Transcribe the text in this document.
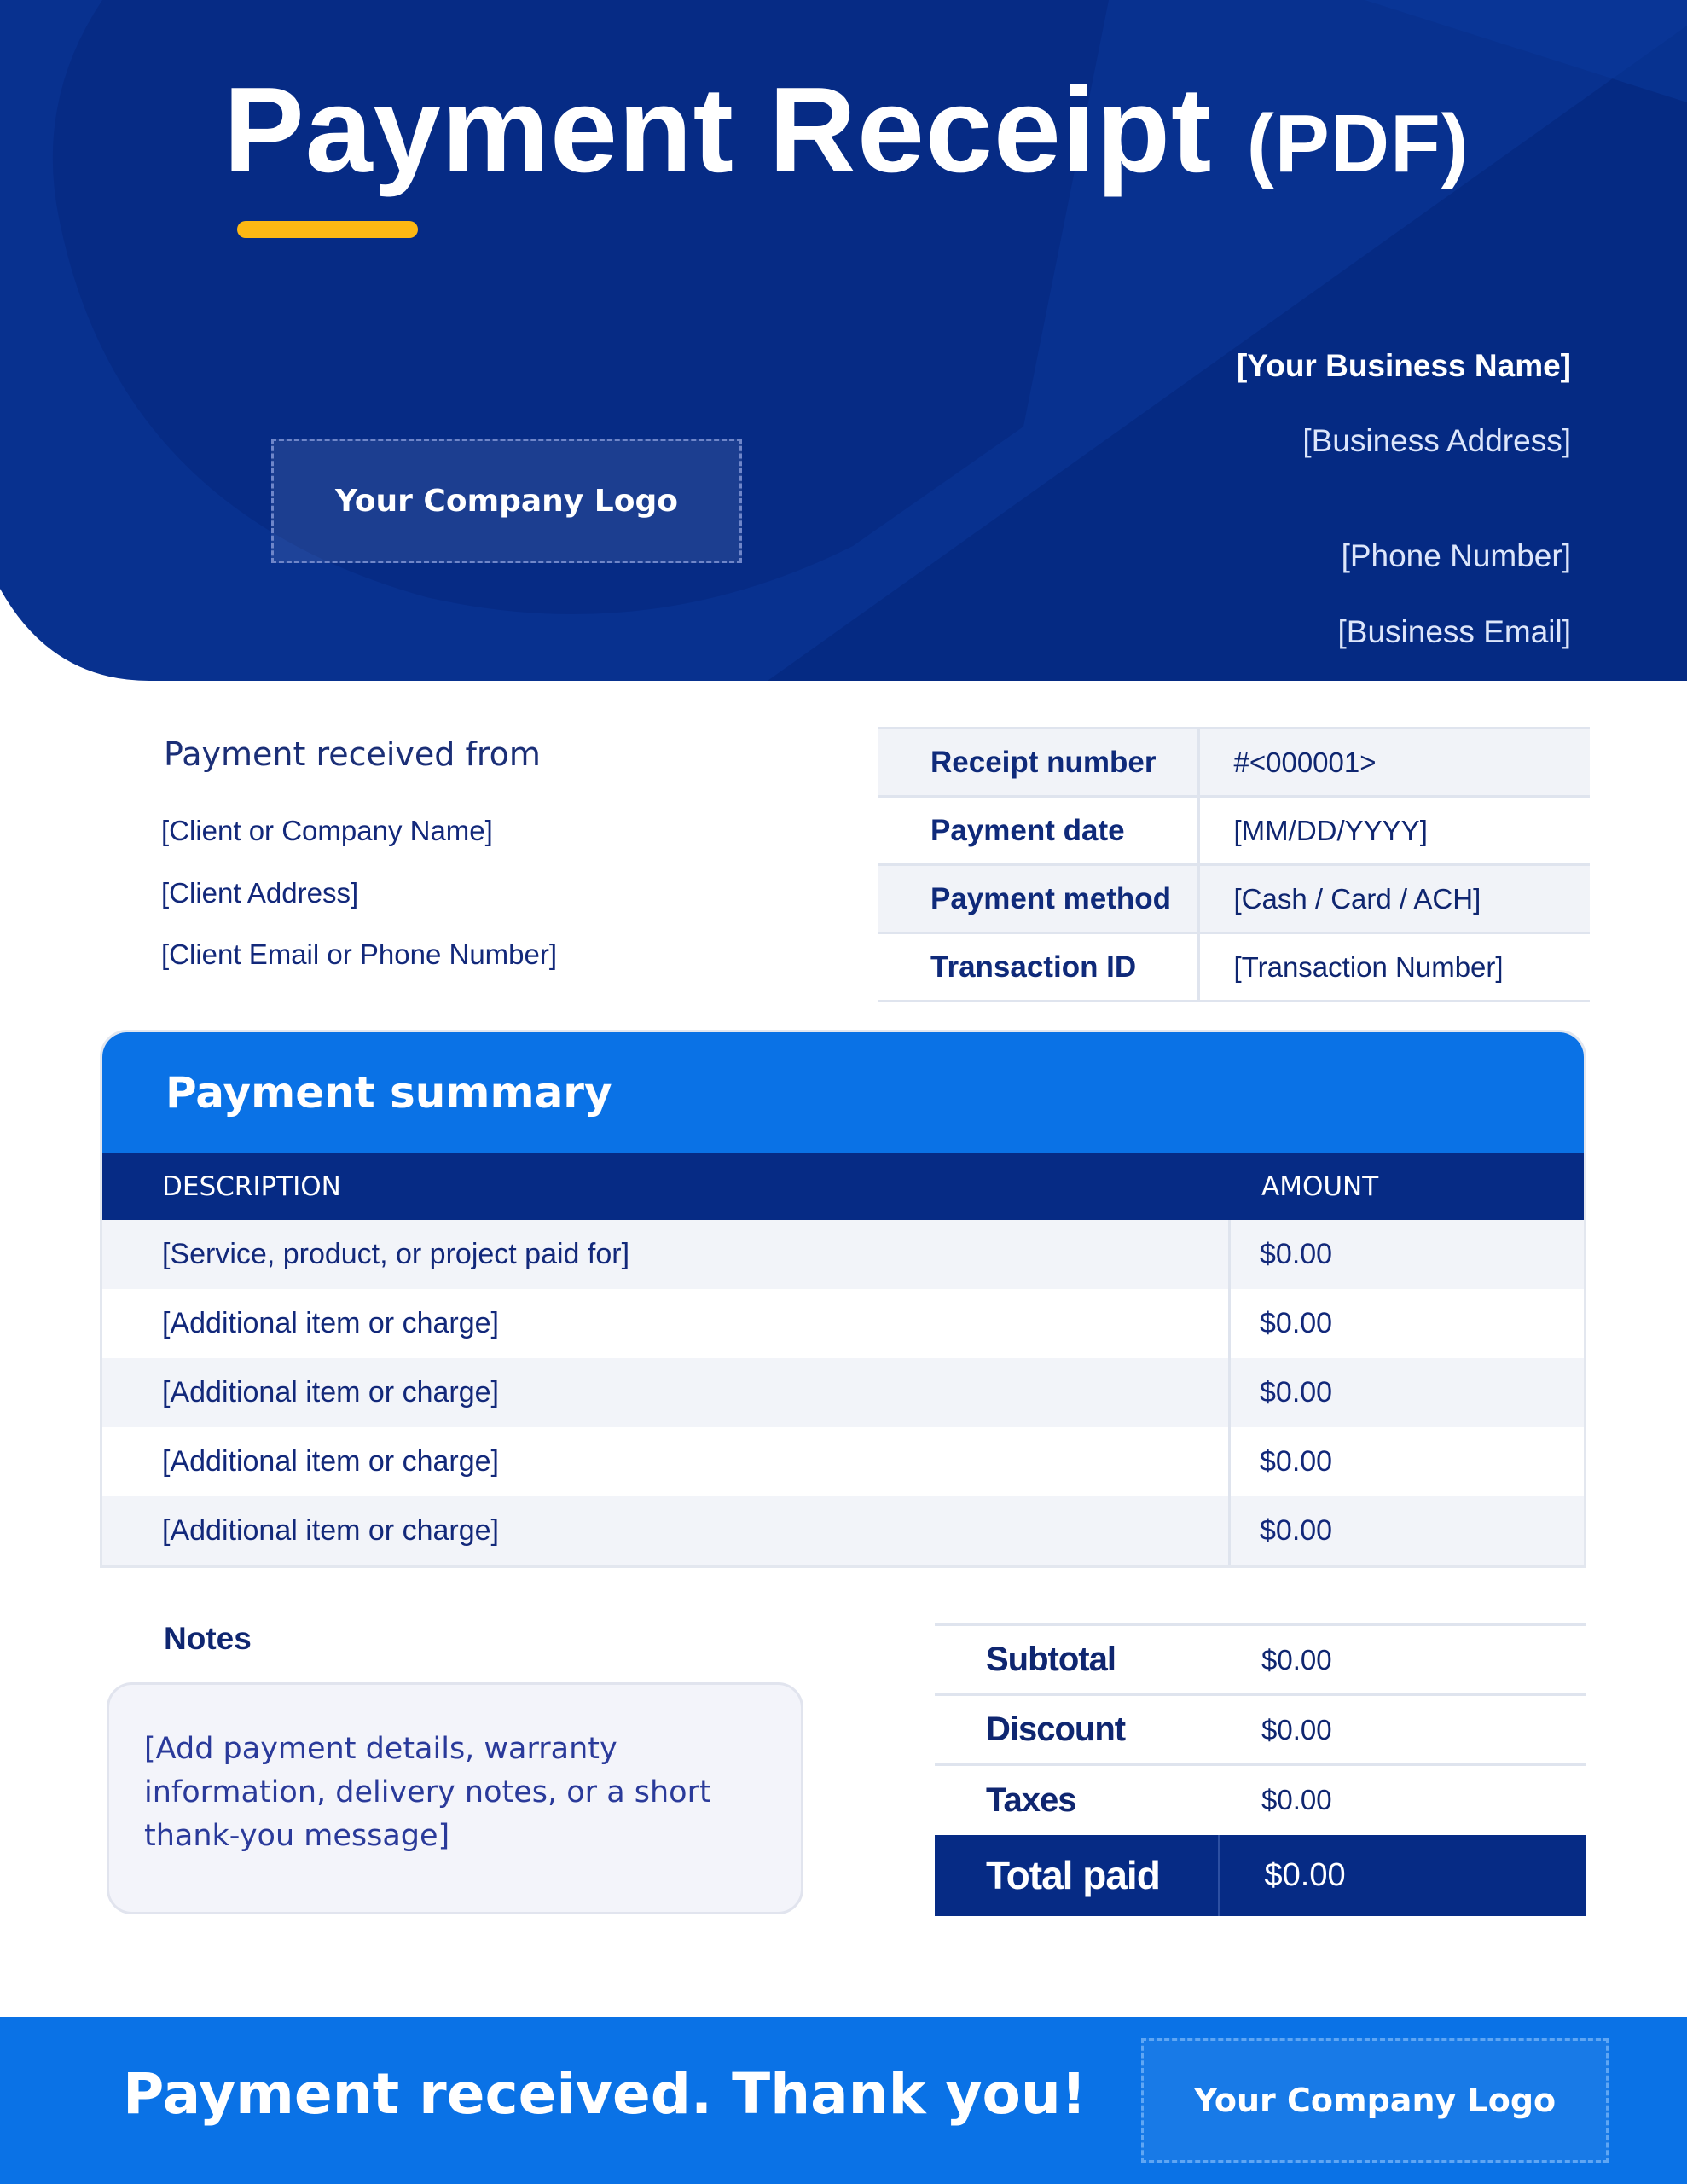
Payment Receipt (PDF)
Your Company Logo
[Your Business Name]
[Business Address]
[Phone Number]
[Business Email]
Payment received from
[Client or Company Name]
[Client Address]
[Client Email or Phone Number]
Receipt number	#<000001>
Payment date	[MM/DD/YYYY]
Payment method	[Cash / Card / ACH]
Transaction ID	[Transaction Number]
Payment summary
DESCRIPTION	AMOUNT
[Service, product, or project paid for]	$0.00
[Additional item or charge]	$0.00
[Additional item or charge]	$0.00
[Additional item or charge]	$0.00
[Additional item or charge]	$0.00
Notes
[Add payment details, warranty information, delivery notes, or a short thank-you message]
Subtotal	$0.00
Discount	$0.00
Taxes	$0.00
Total paid	$0.00
Payment received. Thank you!	Your Company Logo
